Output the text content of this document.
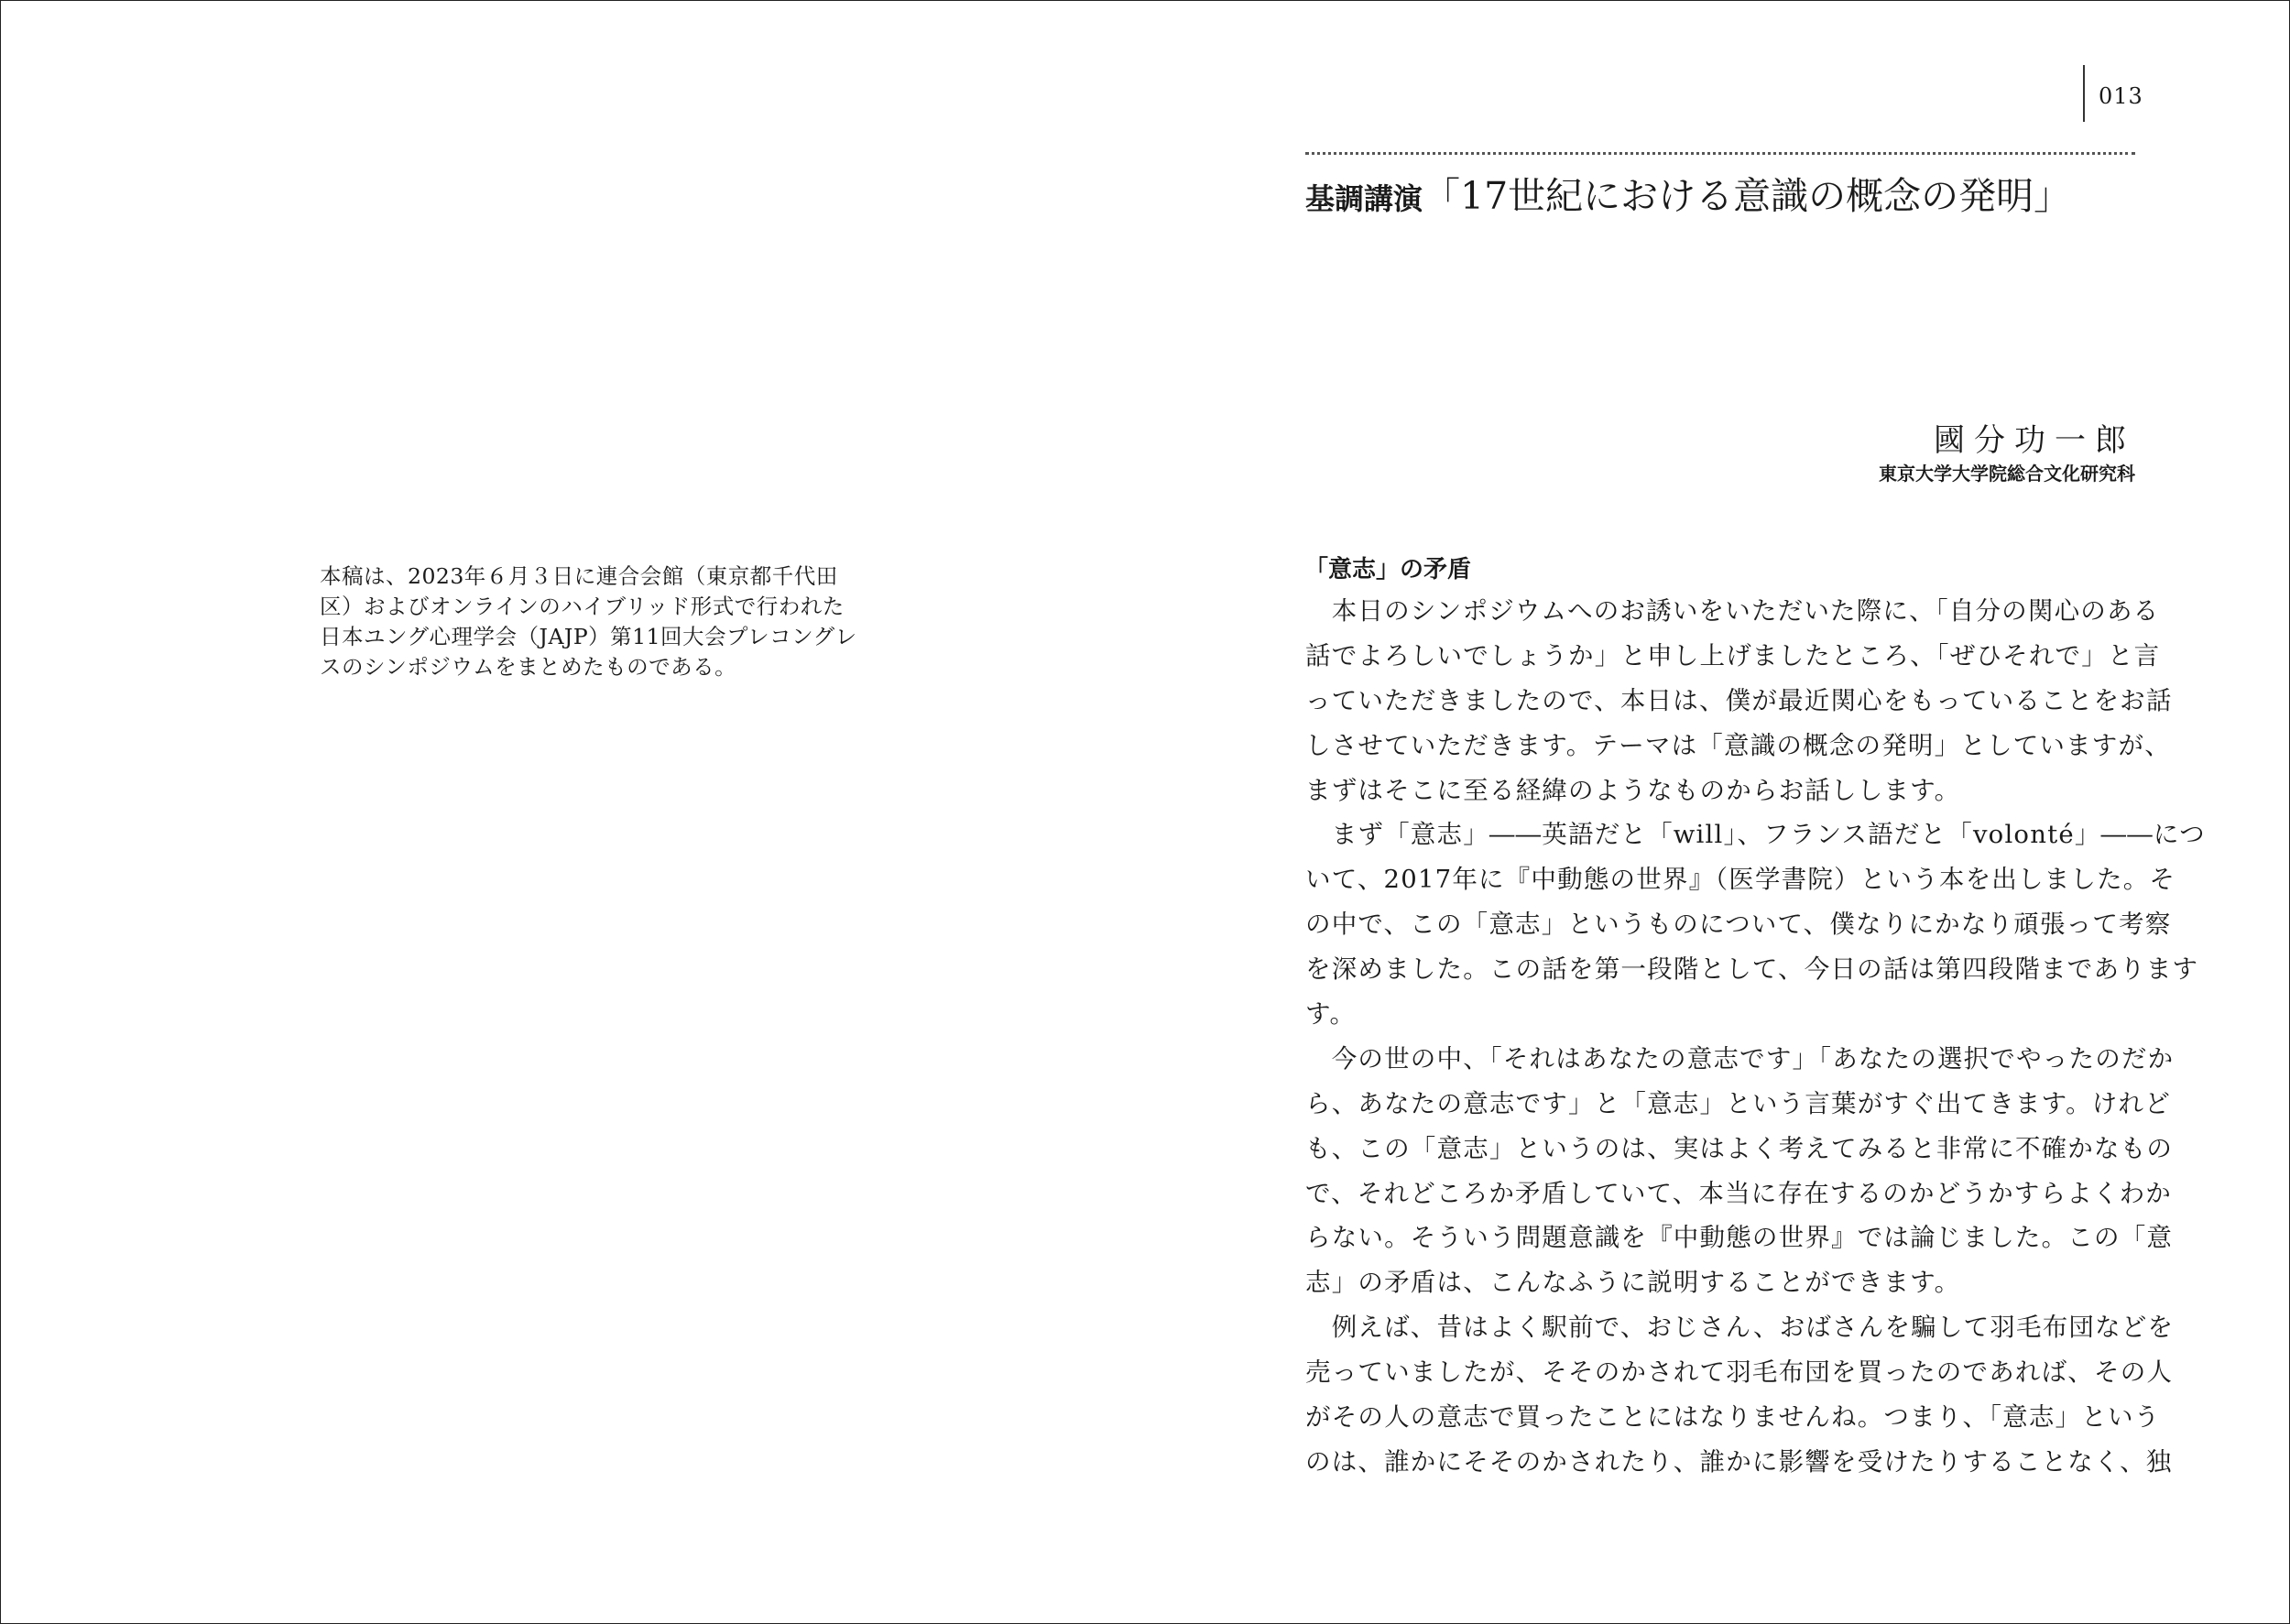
本稿は、2023年６月３日に連合会館（東京都千代田
区）およびオンラインのハイブリッド形式で行われた
日本ユング心理学会（JAJP）第11回大会プレコングレ
スのシンポジウムをまとめたものである。
013
基調講演「17世紀における意識の概念の発明」
國分功一郎
東京大学大学院総合文化研究科
「意志」の矛盾
　本日のシンポジウムへのお誘いをいただいた際に、「自分の関心のある
話でよろしいでしょうか」と申し上げましたところ、「ぜひそれで」と言
っていただきましたので、本日は、僕が最近関心をもっていることをお話
しさせていただきます。テーマは「意識の概念の発明」としていますが、
まずはそこに至る経緯のようなものからお話しします。
　まず「意志」――英語だと「will」、フランス語だと「volonté」――につ
いて、2017年に『中動態の世界』（医学書院）という本を出しました。そ
の中で、この「意志」というものについて、僕なりにかなり頑張って考察
を深めました。この話を第一段階として、今日の話は第四段階まであります
す。
　今の世の中、「それはあなたの意志です」「あなたの選択でやったのだか
ら、あなたの意志です」と「意志」という言葉がすぐ出てきます。けれど
も、この「意志」というのは、実はよく考えてみると非常に不確かなもの
で、それどころか矛盾していて、本当に存在するのかどうかすらよくわか
らない。そういう問題意識を『中動態の世界』では論じました。この「意
志」の矛盾は、こんなふうに説明することができます。
　例えば、昔はよく駅前で、おじさん、おばさんを騙して羽毛布団などを
売っていましたが、そそのかされて羽毛布団を買ったのであれば、その人
がその人の意志で買ったことにはなりませんね。つまり、「意志」という
のは、誰かにそそのかされたり、誰かに影響を受けたりすることなく、独
